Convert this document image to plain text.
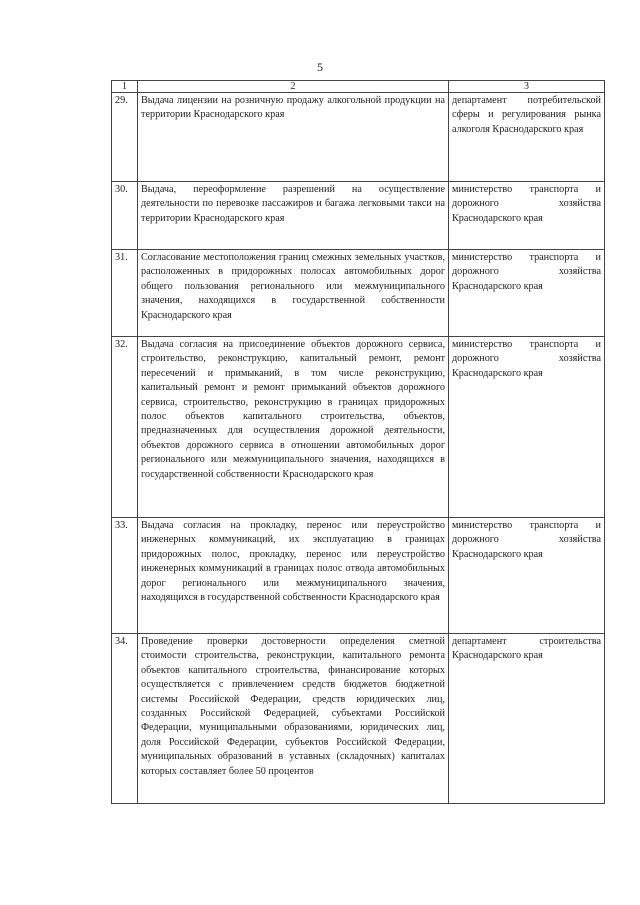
5
1	2	3
29.	Выдача лицензии на розничную продажу алкогольной продукции на территории Краснодарского края	департамент потребительской сферы и регулирования рынка алкоголя Краснодарского края
30.	Выдача, переоформление разрешений на осуществление деятельности по перевозке пассажиров и багажа легковыми такси на территории Краснодарского края	министерство транспорта и дорожного хозяйства Краснодарского края
31.	Согласование местоположения границ смежных земельных участков, расположенных в придорожных полосах автомобильных дорог общего пользования регионального или межмуниципального значения, находящихся в государственной собственности Краснодарского края	министерство транспорта и дорожного хозяйства Краснодарского края
32.	Выдача согласия на присоединение объектов дорожного сервиса, строительство, реконструкцию, капитальный ремонт, ремонт пересечений и примыканий, в том числе реконструкцию, капитальный ремонт и ремонт примыканий объектов дорожного сервиса, строительство, реконструкцию в границах придорожных полос объектов капитального строительства, объектов, предназначенных для осуществления дорожной деятельности, объектов дорожного сервиса в отношении автомобильных дорог регионального или межмуниципального значения, находящихся в государственной собственности Краснодарского края	министерство транспорта и дорожного хозяйства Краснодарского края
33.	Выдача согласия на прокладку, перенос или переустройство инженерных коммуникаций, их эксплуатацию в границах придорожных полос, прокладку, перенос или переустройство инженерных коммуникаций в границах полос отвода автомобильных дорог регионального или межмуниципального значения, находящихся в государственной собственности Краснодарского края	министерство транспорта и дорожного хозяйства Краснодарского края
34.	Проведение проверки достоверности определения сметной стоимости строительства, реконструкции, капитального ремонта объектов капитального строительства, финансирование которых осуществляется с привлечением средств бюджетов бюджетной системы Российской Федерации, средств юридических лиц, созданных Российской Федерацией, субъектами Российской Федерации, муниципальными образованиями, юридических лиц, доля Российской Федерации, субъектов Российской Федерации, муниципальных образований в уставных (складочных) капиталах которых составляет более 50 процентов	департамент строительства Краснодарского края
